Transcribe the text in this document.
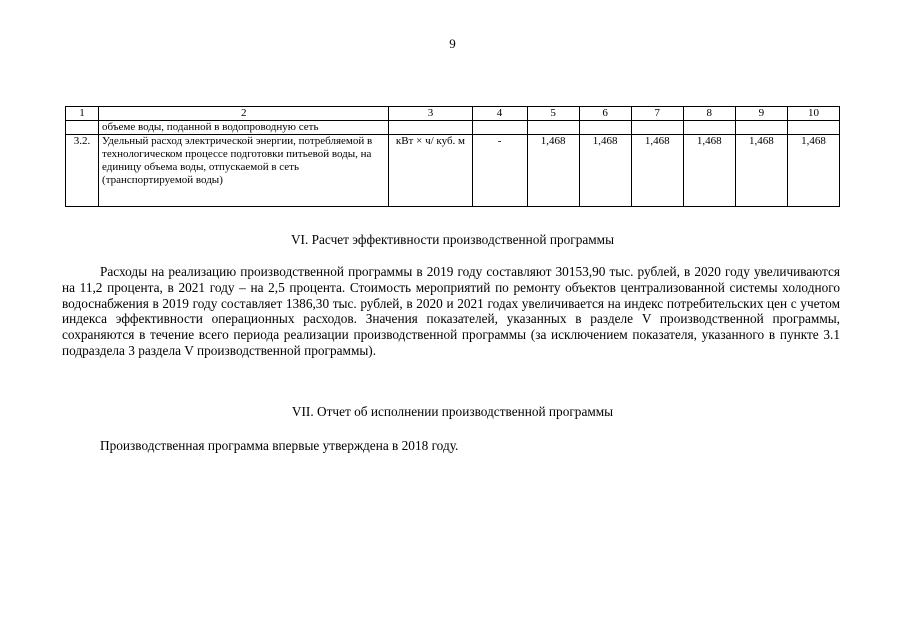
9
1	2	3	4	5	6	7	8	9	10
	объеме воды, поданной в водопроводную сеть								
3.2.	Удельный расход электрической энергии, потребляемой в технологическом процессе подготовки питьевой воды, на единицу объема воды, отпускаемой в сеть (транспортируемой воды)	кВт × ч/ куб. м	-	1,468	1,468	1,468	1,468	1,468	1,468
VI. Расчет эффективности производственной программы
Расходы на реализацию производственной программы в 2019 году составляют 30153,90 тыс. рублей, в 2020 году увеличиваются на 11,2 процента, в 2021 году – на 2,5 процента. Стоимость мероприятий по ремонту объектов централизованной системы холодного водоснабжения в 2019 году составляет 1386,30 тыс. рублей, в 2020 и 2021 годах увеличивается на индекс потребительских цен с учетом индекса эффективности операционных расходов. Значения показателей, указанных в разделе V производственной программы, сохраняются в течение всего периода реализации производственной программы (за исключением показателя, указанного в пункте 3.1 подраздела 3 раздела V производственной программы).
VII. Отчет об исполнении производственной программы
Производственная программа впервые утверждена в 2018 году.
